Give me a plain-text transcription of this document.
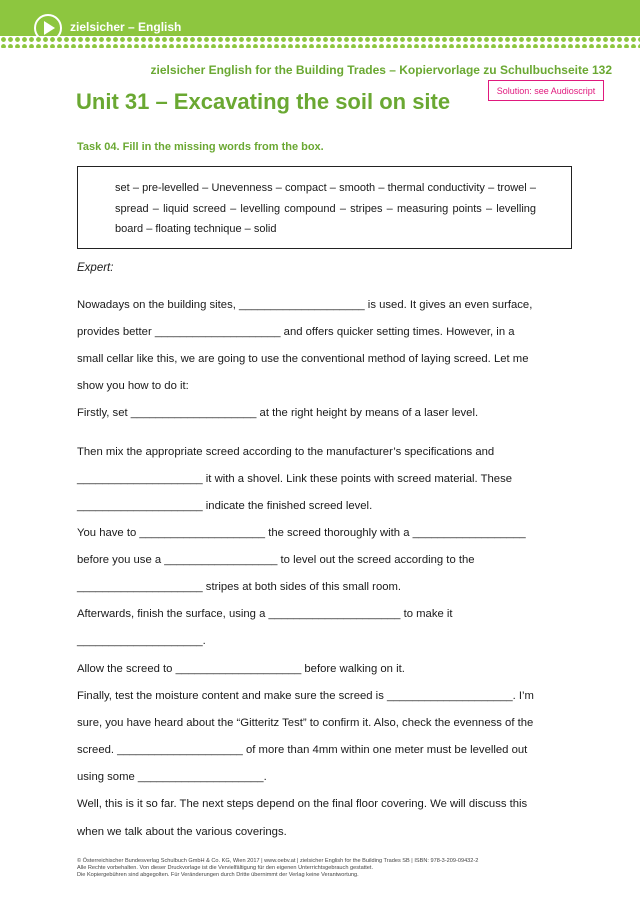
zielsicher – English
zielsicher English for the Building Trades – Kopiervorlage zu Schulbuchseite 132
Unit 31 – Excavating the soil on site	Solution: see Audioscript
Task 04. Fill in the missing words from the box.
set – pre-levelled – Unevenness – compact – smooth – thermal conductivity – trowel – spread – liquid screed – levelling compound – stripes – measuring points – levelling board – floating technique – solid
Expert:
Nowadays on the building sites, ____________________ is used. It gives an even surface,
provides better ____________________ and offers quicker setting times. However, in a
small cellar like this, we are going to use the conventional method of laying screed. Let me
show you how to do it:
Firstly, set ____________________ at the right height by means of a laser level.
Then mix the appropriate screed according to the manufacturer’s specifications and
____________________ it with a shovel. Link these points with screed material. These
____________________ indicate the finished screed level.
You have to ____________________ the screed thoroughly with a __________________
before you use a __________________ to level out the screed according to the
____________________ stripes at both sides of this small room.
Afterwards, finish the surface, using a _____________________ to make it
____________________.
Allow the screed to ____________________ before walking on it.
Finally, test the moisture content and make sure the screed is ____________________. I’m
sure, you have heard about the “Gitteritz Test” to confirm it. Also, check the evenness of the
screed. ____________________ of more than 4mm within one meter must be levelled out
using some ____________________.
Well, this is it so far. The next steps depend on the final floor covering. We will discuss this
when we talk about the various coverings.
© Österreichischer Bundesverlag Schulbuch GmbH & Co. KG, Wien 2017 | www.oebv.at | zielsicher English for the Building Trades SB | ISBN: 978-3-209-09432-2
Alle Rechte vorbehalten. Von dieser Druckvorlage ist die Vervielfältigung für den eigenen Unterrichtsgebrauch gestattet.
Die Kopiergebühren sind abgegolten. Für Veränderungen durch Dritte übernimmt der Verlag keine Verantwortung.
